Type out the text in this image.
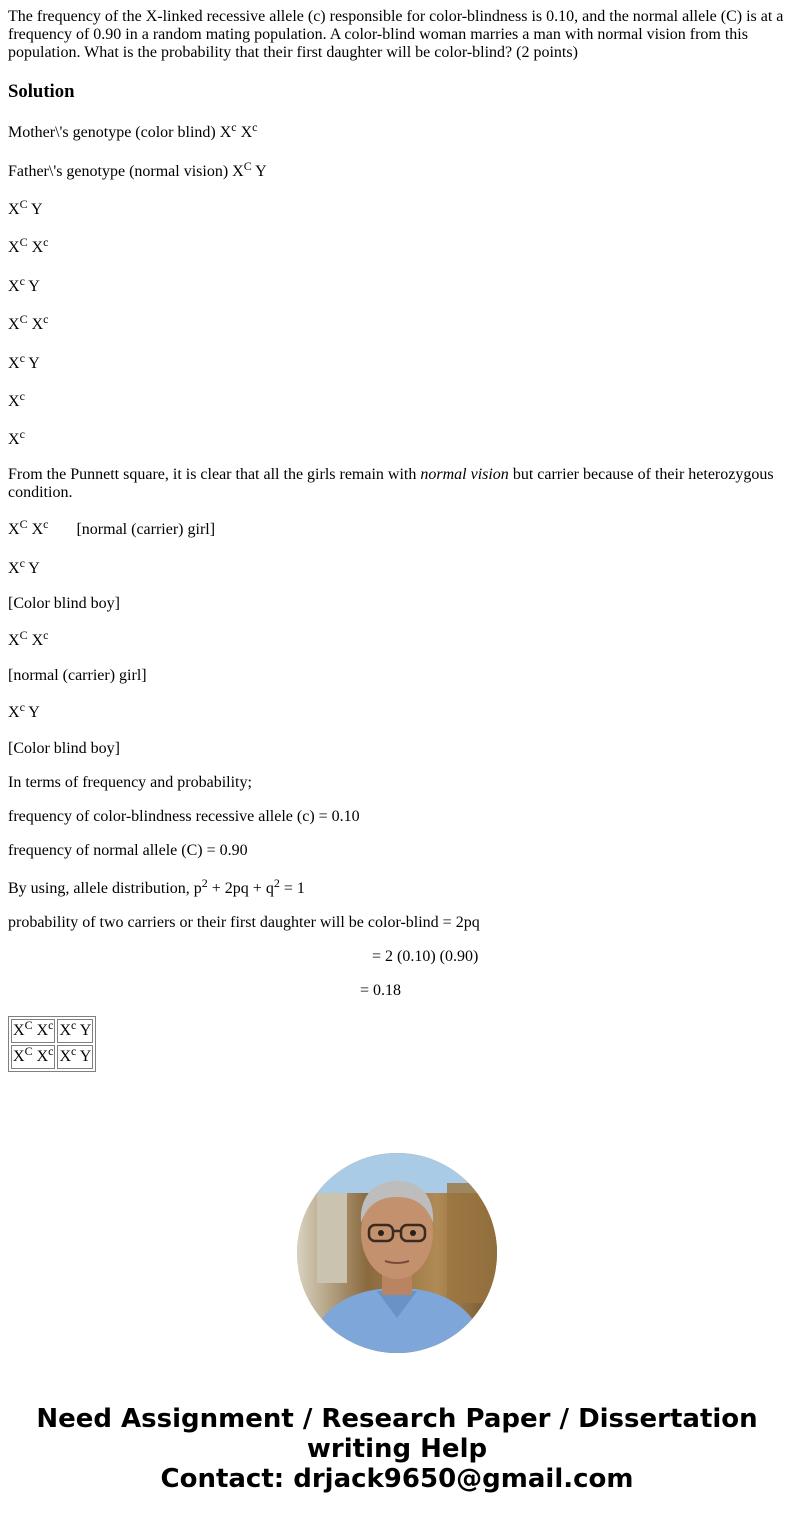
The frequency of the X-linked recessive allele (c) responsible for color-blindness is 0.10, and the normal allele (C) is at a frequency of 0.90 in a random mating population. A color-blind woman marries a man with normal vision from this population. What is the probability that their first daughter will be color-blind? (2 points)

Solution
Mother\'s genotype (color blind) $X^c$ $X^c$
Father\'s genotype (normal vision) $X^C$ Y
$X^C$ Y
$X^C$ $X^c$
$X^c$ Y
$X^C$ $X^c$
$X^c$ Y
$X^c$
$X^c$

From the Punnett square, it is clear that all the girls remain with normal vision but carrier because of their heterozygous condition.

$X^C$ $X^c$ [normal (carrier) girl]
$X^c$ Y
[Color blind boy]
$X^C$ $X^c$
[normal (carrier) girl]
$X^c$ Y
[Color blind boy]
In terms of frequency and probability;
frequency of color-blindness recessive allele (c) = 0.10
frequency of normal allele (C) = 0.90
By using, allele distribution, $p^2 + 2pq + q^2 = 1$
probability of two carriers or their first daughter will be color-blind = 2pq
= 2 (0.10) (0.90)
= 0.18
$X^C$ $X^c$	$X^c$ Y
$X^C$ $X^c$	$X^c$ Y
Need Assignment / Research Paper / Dissertation
writing Help
Contact: drjack9650@gmail.com
